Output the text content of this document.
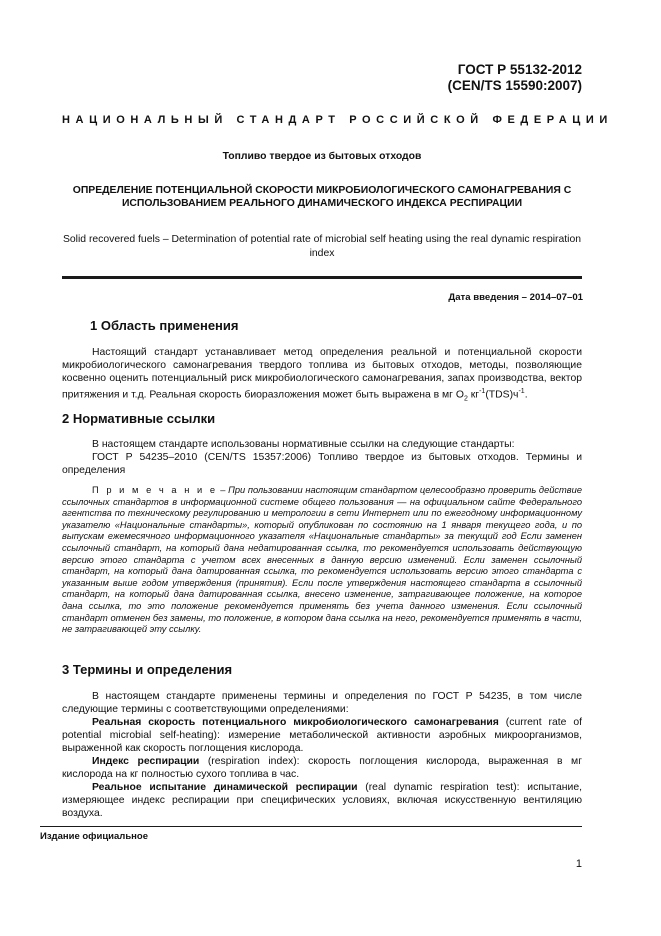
ГОСТ Р 55132-2012
(CEN/TS 15590:2007)
НАЦИОНАЛЬНЫЙ СТАНДАРТ РОССИЙСКОЙ ФЕДЕРАЦИИ
Топливо твердое из бытовых отходов
ОПРЕДЕЛЕНИЕ ПОТЕНЦИАЛЬНОЙ СКОРОСТИ МИКРОБИОЛОГИЧЕСКОГО САМОНАГРЕВАНИЯ С ИСПОЛЬЗОВАНИЕМ РЕАЛЬНОГО ДИНАМИЧЕСКОГО ИНДЕКСА РЕСПИРАЦИИ
Solid recovered fuels – Determination of potential rate of microbial self heating using the real dynamic respiration index
Дата введения – 2014–07–01
1 Область применения

Настоящий стандарт устанавливает метод определения реальной и потенциальной скорости микробиологического самонагревания твердого топлива из бытовых отходов, методы, позволяющие косвенно оценить потенциальный риск микробиологического самонагревания, запах производства, вектор притяжения и т.д. Реальная скорость биоразложения может быть выражена в мг $O_2$ $кг^{-1}(TDS)ч^{-1}$.

2 Нормативные ссылки

В настоящем стандарте использованы нормативные ссылки на следующие стандарты:

ГОСТ Р 54235–2010 (CEN/TS 15357:2006) Топливо твердое из бытовых отходов. Термины и определения

П р и м е ч а н и е – При пользовании настоящим стандартом целесообразно проверить действие ссылочных стандартов в информационной системе общего пользования — на официальном сайте Федерального агентства по техническому регулированию и метрологии в сети Интернет или по ежегодному информационному указателю «Национальные стандарты», который опубликован по состоянию на 1 января текущего года, и по выпускам ежемесячного информационного указателя «Национальные стандарты» за текущий год Если заменен ссылочный стандарт, на который дана недатированная ссылка, то рекомендуется использовать действующую версию этого стандарта с учетом всех внесенных в данную версию изменений. Если заменен ссылочный стандарт, на который дана датированная ссылка, то рекомендуется использовать версию этого стандарта с указанным выше годом утверждения (принятия). Если после утверждения настоящего стандарта в ссылочный стандарт, на который дана датированная ссылка, внесено изменение, затрагивающее положение, на которое дана ссылка, то это положение рекомендуется применять без учета данного изменения. Если ссылочный стандарт отменен без замены, то положение, в котором дана ссылка на него, рекомендуется применять в части, не затрагивающей эту ссылку.

3 Термины и определения

В настоящем стандарте применены термины и определения по ГОСТ Р 54235, в том числе следующие термины с соответствующими определениями:

Реальная скорость потенциального микробиологического самонагревания (current rate of potential microbial self-heating): измерение метаболической активности аэробных микроорганизмов, выраженной как скорость поглощения кислорода.

Индекс респирации (respiration index): скорость поглощения кислорода, выраженная в мг кислорода на кг полностью сухого топлива в час.

Реальное испытание динамической респирации (real dynamic respiration test): испытание, измеряющее индекс респирации при специфических условиях, включая искусственную вентиляцию воздуха.

Издание официальное
1
